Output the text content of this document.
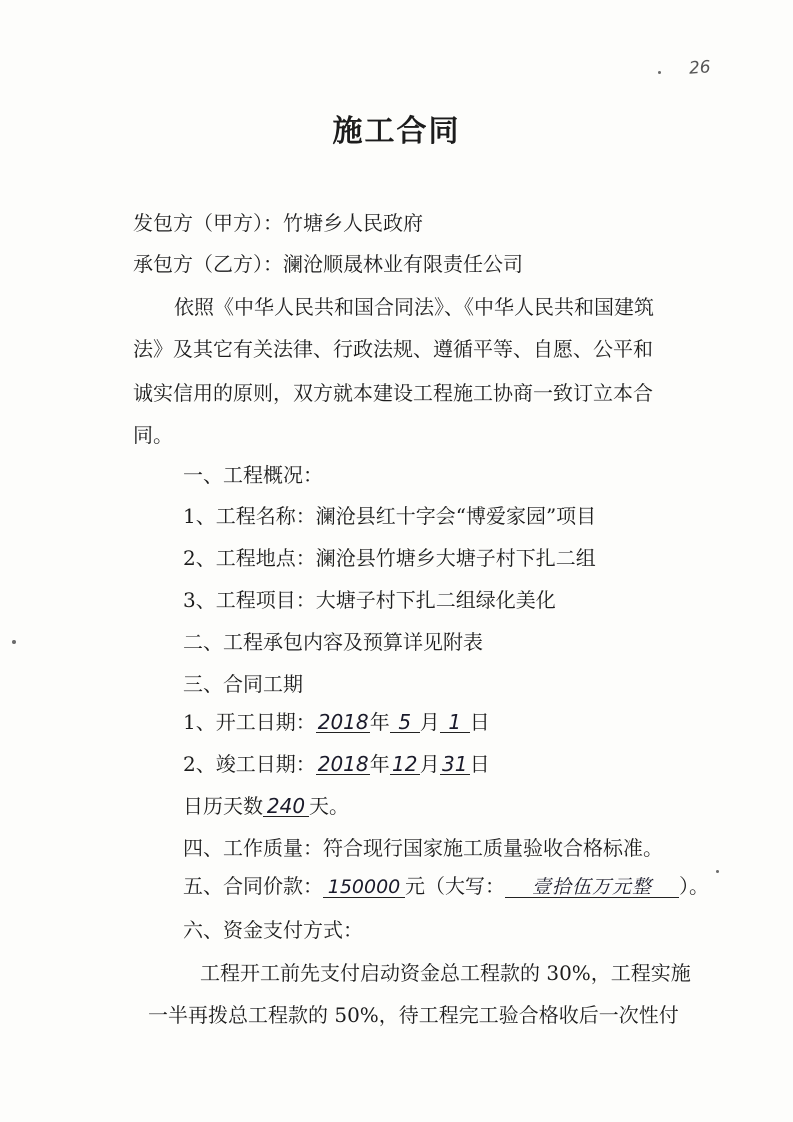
26
施工合同
发包方（甲方）：竹塘乡人民政府
承包方（乙方）：澜沧顺晟林业有限责任公司
依照《中华人民共和国合同法》、《中华人民共和国建筑
法》及其它有关法律、行政法规、遵循平等、自愿、公平和
诚实信用的原则，双方就本建设工程施工协商一致订立本合
同。
一、工程概况：
1、工程名称：澜沧县红十字会“博爱家园”项目
2、工程地点：澜沧县竹塘乡大塘子村下扎二组
3、工程项目：大塘子村下扎二组绿化美化
二、工程承包内容及预算详见附表
三、合同工期
1、开工日期： 2018年 5 月 1 日
2、竣工日期： 2018年 12 月 31 日
日历天数 240 天。
四、工作质量：符合现行国家施工质量验收合格标准。
五、合同价款： 150000 元（大写： 壹拾伍万元整 ）。
六、资金支付方式：
工程开工前先支付启动资金总工程款的 30%，工程实施
一半再拨总工程款的 50%，待工程完工验合格收后一次性付
